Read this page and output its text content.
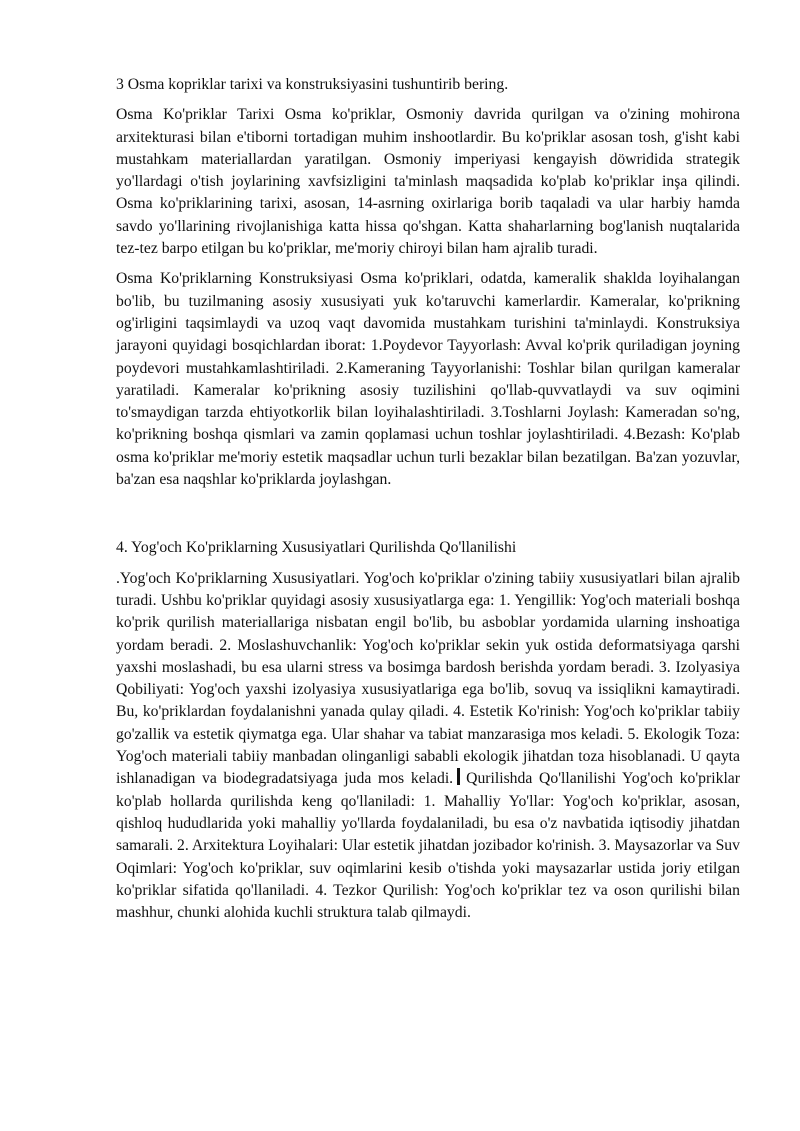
3 Osma kopriklar tarixi va konstruksiyasini tushuntirib bering.

Osma Ko'priklar Tarixi Osma ko'priklar, Osmoniy davrida qurilgan va o'zining mohirona arxitekturasi bilan e'tiborni tortadigan muhim inshootlardir. Bu ko'priklar asosan tosh, g'isht kabi mustahkam materiallardan yaratilgan. Osmoniy imperiyasi kengayish döwridida strategik yo'llardagi o'tish joylarining xavfsizligini ta'minlash maqsadida ko'plab ko'priklar inşa qilindi. Osma ko'priklarining tarixi, asosan, 14-asrning oxirlariga borib taqaladi va ular harbiy hamda savdo yo'llarining rivojlanishiga katta hissa qo'shgan. Katta shaharlarning bog'lanish nuqtalarida tez-tez barpo etilgan bu ko'priklar, me'moriy chiroyi bilan ham ajralib turadi.

Osma Ko'priklarning Konstruksiyasi Osma ko'priklari, odatda, kameralik shaklda loyihalangan bo'lib, bu tuzilmaning asosiy xususiyati yuk ko'taruvchi kamerlardir. Kameralar, ko'prikning og'irligini taqsimlaydi va uzoq vaqt davomida mustahkam turishini ta'minlaydi. Konstruksiya jarayoni quyidagi bosqichlardan iborat: 1.Poydevor Tayyorlash: Avval ko'prik quriladigan joyning poydevori mustahkamlashtiriladi. 2.Kameraning Tayyorlanishi: Toshlar bilan qurilgan kameralar yaratiladi. Kameralar ko'prikning asosiy tuzilishini qo'llab-quvvatlaydi va suv oqimini to'smaydigan tarzda ehtiyotkorlik bilan loyihalashtiriladi. 3.Toshlarni Joylash: Kameradan so'ng, ko'prikning boshqa qismlari va zamin qoplamasi uchun toshlar joylashtiriladi. 4.Bezash: Ko'plab osma ko'priklar me'moriy estetik maqsadlar uchun turli bezaklar bilan bezatilgan. Ba'zan yozuvlar, ba'zan esa naqshlar ko'priklarda joylashgan.

4. Yog'och Ko'priklarning Xususiyatlari Qurilishda Qo'llanilishi

.Yog'och Ko'priklarning Xususiyatlari. Yog'och ko'priklar o'zining tabiiy xususiyatlari bilan ajralib turadi. Ushbu ko'priklar quyidagi asosiy xususiyatlarga ega: 1. Yengillik: Yog'och materiali boshqa ko'prik qurilish materiallariga nisbatan engil bo'lib, bu asboblar yordamida ularning inshoatiga yordam beradi. 2. Moslashuvchanlik: Yog'och ko'priklar sekin yuk ostida deformatsiyaga qarshi yaxshi moslashadi, bu esa ularni stress va bosimga bardosh berishda yordam beradi. 3. Izolyasiya Qobiliyati: Yog'och yaxshi izolyasiya xususiyatlariga ega bo'lib, sovuq va issiqlikni kamaytiradi. Bu, ko'priklardan foydalanishni yanada qulay qiladi. 4. Estetik Ko'rinish: Yog'och ko'priklar tabiiy go'zallik va estetik qiymatga ega. Ular shahar va tabiat manzarasiga mos keladi. 5. Ekologik Toza: Yog'och materiali tabiiy manbadan olinganligi sababli ekologik jihatdan toza hisoblanadi. U qayta ishlanadigan va biodegradatsiyaga juda mos keladi. Qurilishda Qo'llanilishi Yog'och ko'priklar ko'plab hollarda qurilishda keng qo'llaniladi: 1. Mahalliy Yo'llar: Yog'och ko'priklar, asosan, qishloq hududlarida yoki mahalliy yo'llarda foydalaniladi, bu esa o'z navbatida iqtisodiy jihatdan samarali. 2. Arxitektura Loyihalari: Ular estetik jihatdan jozibador ko'rinish. 3. Maysazorlar va Suv Oqimlari: Yog'och ko'priklar, suv oqimlarini kesib o'tishda yoki maysazarlar ustida joriy etilgan ko'priklar sifatida qo'llaniladi. 4. Tezkor Qurilish: Yog'och ko'priklar tez va oson qurilishi bilan mashhur, chunki alohida kuchli struktura talab qilmaydi.
